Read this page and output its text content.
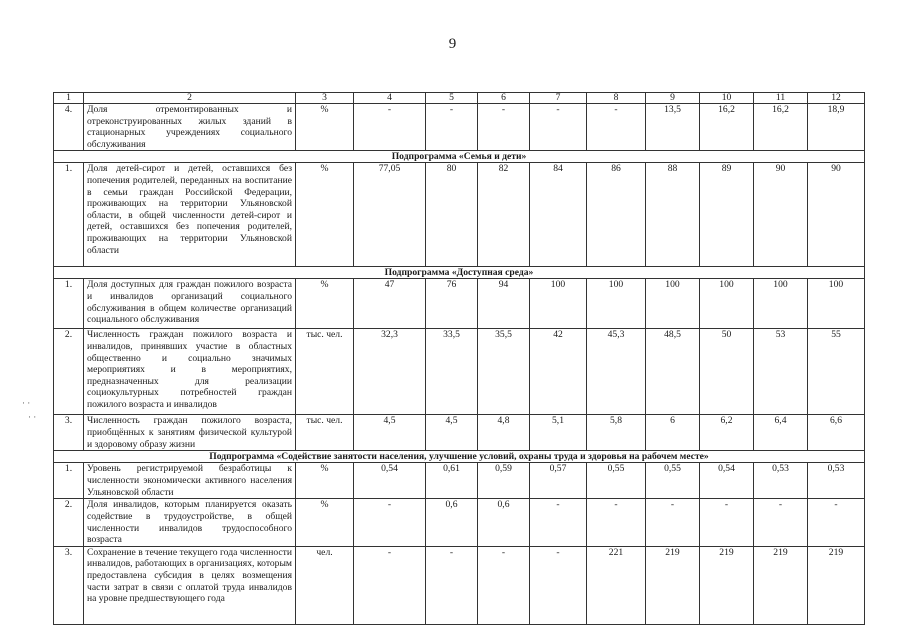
9
1	2	3	4	5	6	7	8	9	10	11	12
4.	Доля отремонтированных и отреконструированных жилых зданий в стационарных учреждениях социального обслуживания	%	-	-	-	-	-	13,5	16,2	16,2	18,9
Подпрограмма «Семья и дети»											
1.	Доля детей-сирот и детей, оставшихся без попечения родителей, переданных на воспитание в семьи граждан Российской Федерации, проживающих на территории Ульяновской области, в общей численности детей-сирот и детей, оставшихся без попечения родителей, проживающих на территории Ульяновской области	%	77,05	80	82	84	86	88	89	90	90
Подпрограмма «Доступная среда»											
1.	Доля доступных для граждан пожилого возраста и инвалидов организаций социального обслуживания в общем количестве организаций социального обслуживания	%	47	76	94	100	100	100	100	100	100
2.	Численность граждан пожилого возраста и инвалидов, принявших участие в областных общественно и социально значимых мероприятиях и в мероприятиях, предназначенных для реализации социокультурных потребностей граждан пожилого возраста и инвалидов	тыс. чел.	32,3	33,5	35,5	42	45,3	48,5	50	53	55
3.	Численность граждан пожилого возраста, приобщённых к занятиям физической культурой и здоровому образу жизни	тыс. чел.	4,5	4,5	4,8	5,1	5,8	6	6,2	6,4	6,6
Подпрограмма «Содействие занятости населения, улучшение условий, охраны труда и здоровья на рабочем месте»											
1.	Уровень регистрируемой безработицы к численности экономически активного населения Ульяновской области	%	0,54	0,61	0,59	0,57	0,55	0,55	0,54	0,53	0,53
2.	Доля инвалидов, которым планируется оказать содействие в трудоустройстве, в общей численности инвалидов трудоспособного возраста	%	-	0,6	0,6	-	-	-	-	-	-
3.	Сохранение в течение текущего года численности инвалидов, работающих в организациях, которым предоставлена субсидия в целях возмещения части затрат в связи с оплатой труда инвалидов на уровне предшествующего года	чел.	-	-	-	-	221	219	219	219	219
· ·
· ·
